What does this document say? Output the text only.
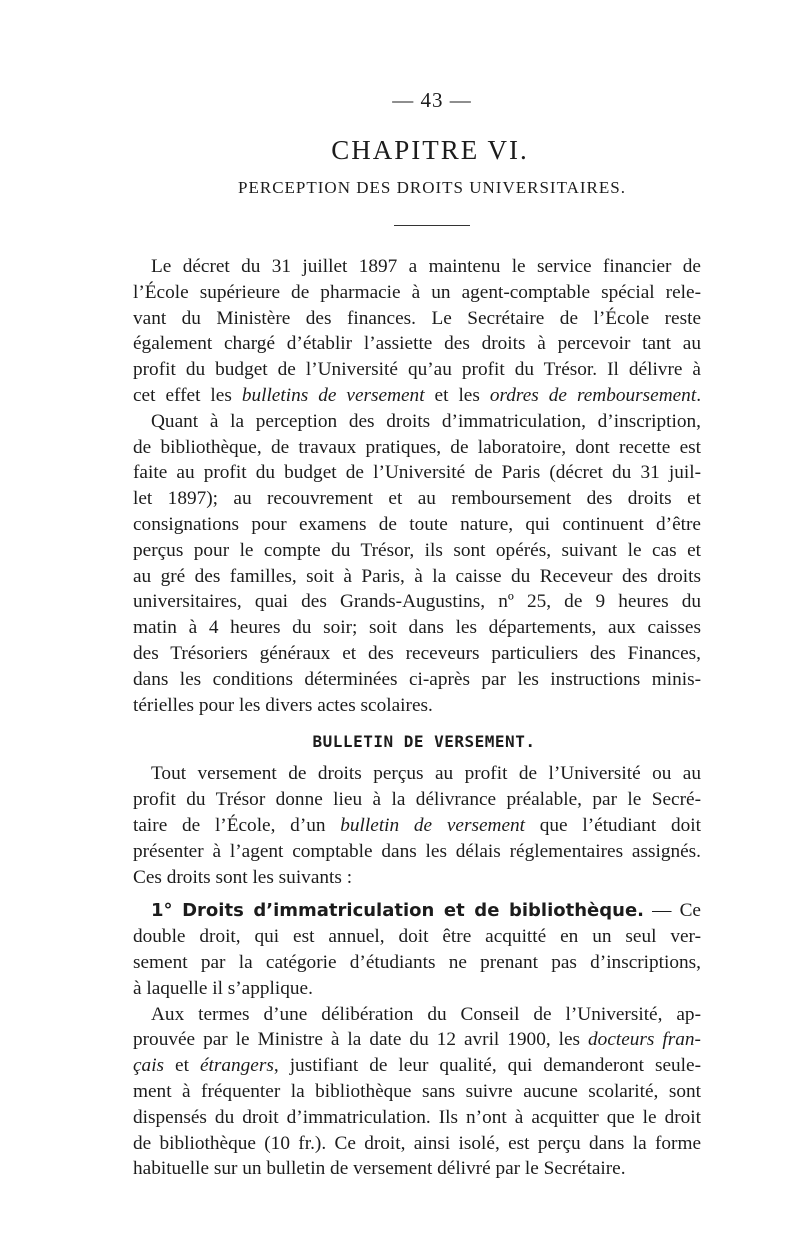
— 43 —
CHAPITRE VI.
PERCEPTION DES DROITS UNIVERSITAIRES.
Le décret du 31 juillet 1897 a maintenu le service financier de
l’École supérieure de pharmacie à un agent-comptable spécial rele-
vant du Ministère des finances. Le Secrétaire de l’École reste
également chargé d’établir l’assiette des droits à percevoir tant au
profit du budget de l’Université qu’au profit du Trésor. Il délivre à
cet effet les bulletins de versement et les ordres de remboursement.
Quant à la perception des droits d’immatriculation, d’inscription,
de bibliothèque, de travaux pratiques, de laboratoire, dont recette est
faite au profit du budget de l’Université de Paris (décret du 31 juil-
let 1897); au recouvrement et au remboursement des droits et
consignations pour examens de toute nature, qui continuent d’être
perçus pour le compte du Trésor, ils sont opérés, suivant le cas et
au gré des familles, soit à Paris, à la caisse du Receveur des droits
universitaires, quai des Grands-Augustins, nº 25, de 9 heures du
matin à 4 heures du soir; soit dans les départements, aux caisses
des Trésoriers généraux et des receveurs particuliers des Finances,
dans les conditions déterminées ci-après par les instructions minis-
térielles pour les divers actes scolaires.
BULLETIN DE VERSEMENT.
Tout versement de droits perçus au profit de l’Université ou au
profit du Trésor donne lieu à la délivrance préalable, par le Secré-
taire de l’École, d’un bulletin de versement que l’étudiant doit
présenter à l’agent comptable dans les délais réglementaires assignés.
Ces droits sont les suivants :
1° Droits d’immatriculation et de bibliothèque. — Ce
double droit, qui est annuel, doit être acquitté en un seul ver-
sement par la catégorie d’étudiants ne prenant pas d’inscriptions,
à laquelle il s’applique.
Aux termes d’une délibération du Conseil de l’Université, ap-
prouvée par le Ministre à la date du 12 avril 1900, les docteurs fran-
çais et étrangers, justifiant de leur qualité, qui demanderont seule-
ment à fréquenter la bibliothèque sans suivre aucune scolarité, sont
dispensés du droit d’immatriculation. Ils n’ont à acquitter que le droit
de bibliothèque (10 fr.). Ce droit, ainsi isolé, est perçu dans la forme
habituelle sur un bulletin de versement délivré par le Secrétaire.
